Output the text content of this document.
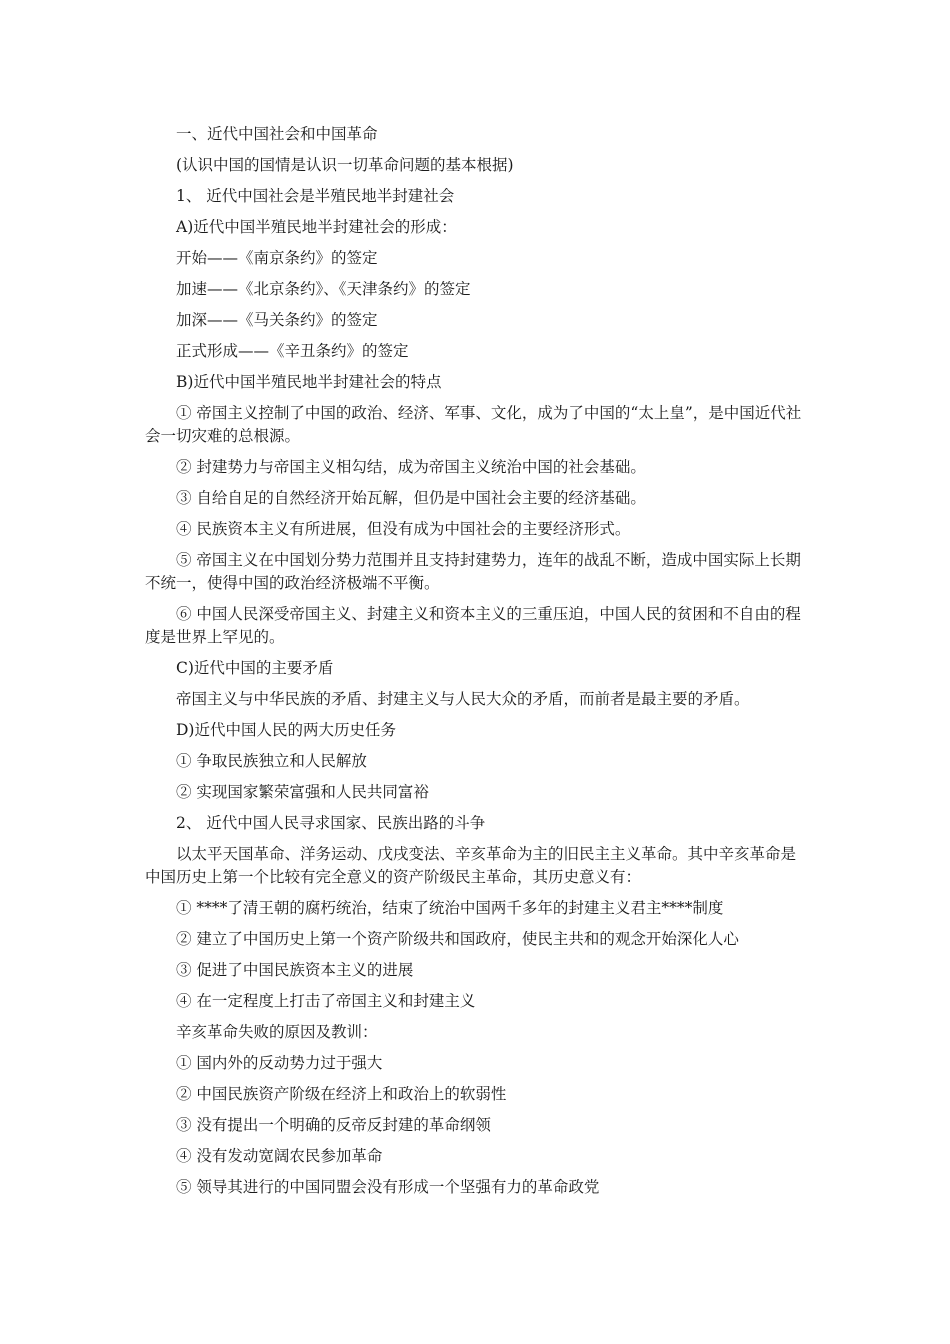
一、近代中国社会和中国革命

(认识中国的国情是认识一切革命问题的基本根据)

1、 近代中国社会是半殖民地半封建社会

A)近代中国半殖民地半封建社会的形成：

开始——《南京条约》的签定

加速——《北京条约》、《天津条约》的签定

加深——《马关条约》的签定

正式形成——《辛丑条约》的签定

B)近代中国半殖民地半封建社会的特点

① 帝国主义控制了中国的政治、经济、军事、文化，成为了中国的“太上皇”，是中国近代社会一切灾难的总根源。

② 封建势力与帝国主义相勾结，成为帝国主义统治中国的社会基础。

③ 自给自足的自然经济开始瓦解，但仍是中国社会主要的经济基础。

④ 民族资本主义有所进展，但没有成为中国社会的主要经济形式。

⑤ 帝国主义在中国划分势力范围并且支持封建势力，连年的战乱不断，造成中国实际上长期不统一，使得中国的政治经济极端不平衡。

⑥ 中国人民深受帝国主义、封建主义和资本主义的三重压迫，中国人民的贫困和不自由的程度是世界上罕见的。

C)近代中国的主要矛盾

帝国主义与中华民族的矛盾、封建主义与人民大众的矛盾，而前者是最主要的矛盾。

D)近代中国人民的两大历史任务

① 争取民族独立和人民解放

② 实现国家繁荣富强和人民共同富裕

2、 近代中国人民寻求国家、民族出路的斗争

以太平天国革命、洋务运动、戊戌变法、辛亥革命为主的旧民主主义革命。其中辛亥革命是中国历史上第一个比较有完全意义的资产阶级民主革命，其历史意义有：

① ****了清王朝的腐朽统治，结束了统治中国两千多年的封建主义君主****制度

② 建立了中国历史上第一个资产阶级共和国政府，使民主共和的观念开始深化人心

③ 促进了中国民族资本主义的进展

④ 在一定程度上打击了帝国主义和封建主义

辛亥革命失败的原因及教训：

① 国内外的反动势力过于强大

② 中国民族资产阶级在经济上和政治上的软弱性

③ 没有提出一个明确的反帝反封建的革命纲领

④ 没有发动宽阔农民参加革命

⑤ 领导其进行的中国同盟会没有形成一个坚强有力的革命政党
